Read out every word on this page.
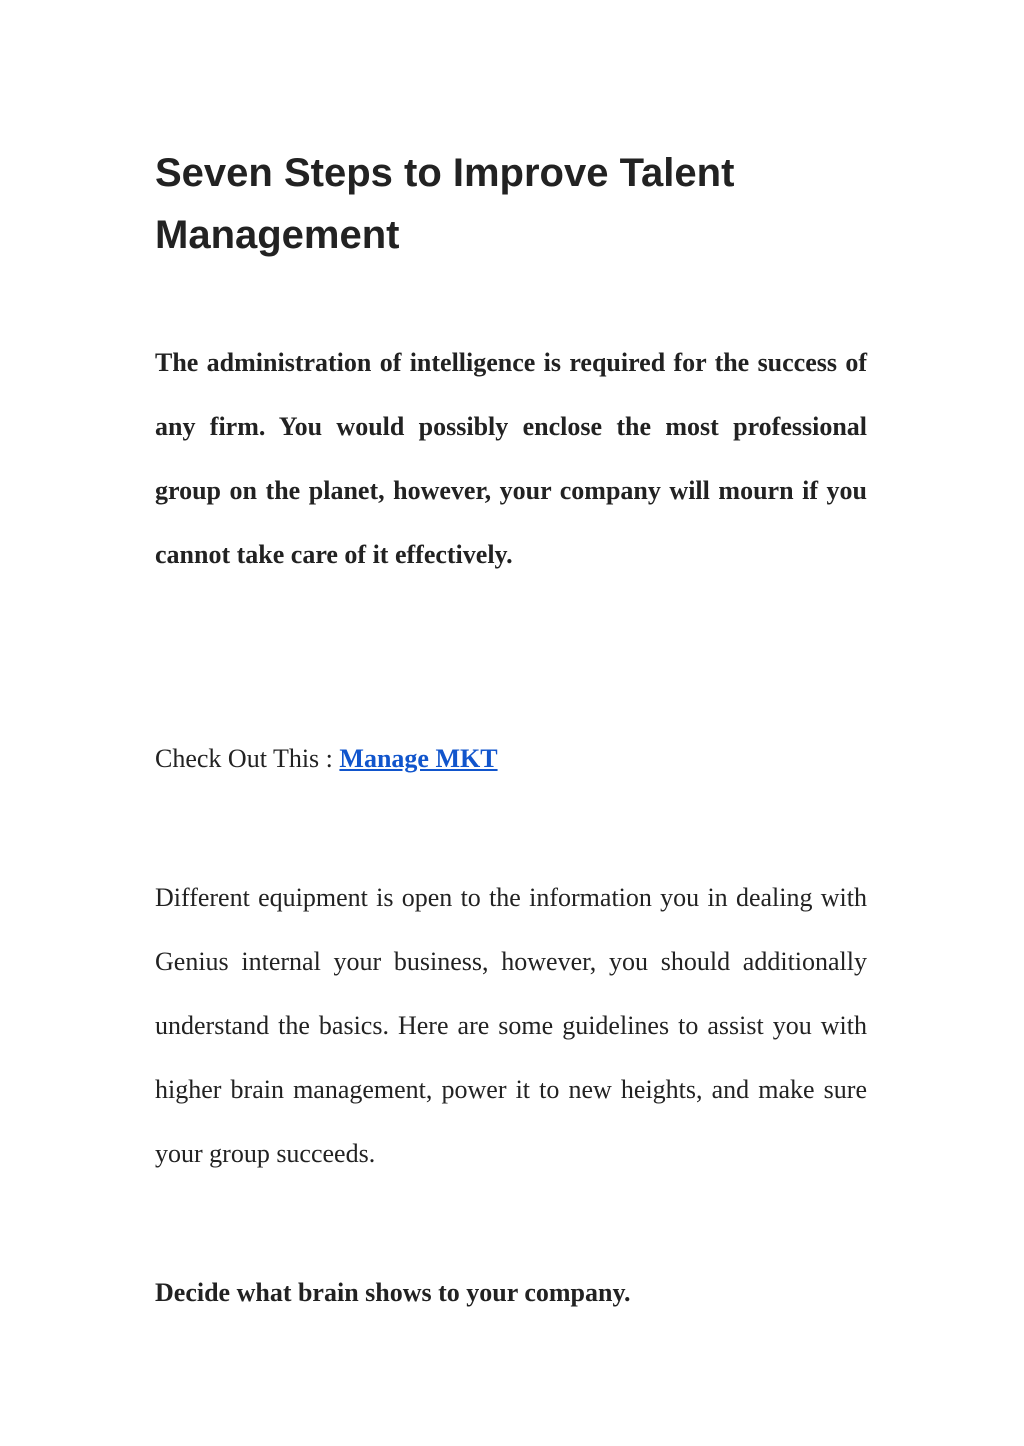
Seven Steps to Improve Talent Management

The administration of intelligence is required for the success of any firm. You would possibly enclose the most professional group on the planet, however, your company will mourn if you cannot take care of it effectively.

Check Out This : Manage MKT

Different equipment is open to the information you in dealing with Genius internal your business, however, you should additionally understand the basics. Here are some guidelines to assist you with higher brain management, power it to new heights, and make sure your group succeeds.

Decide what brain shows to your company.
